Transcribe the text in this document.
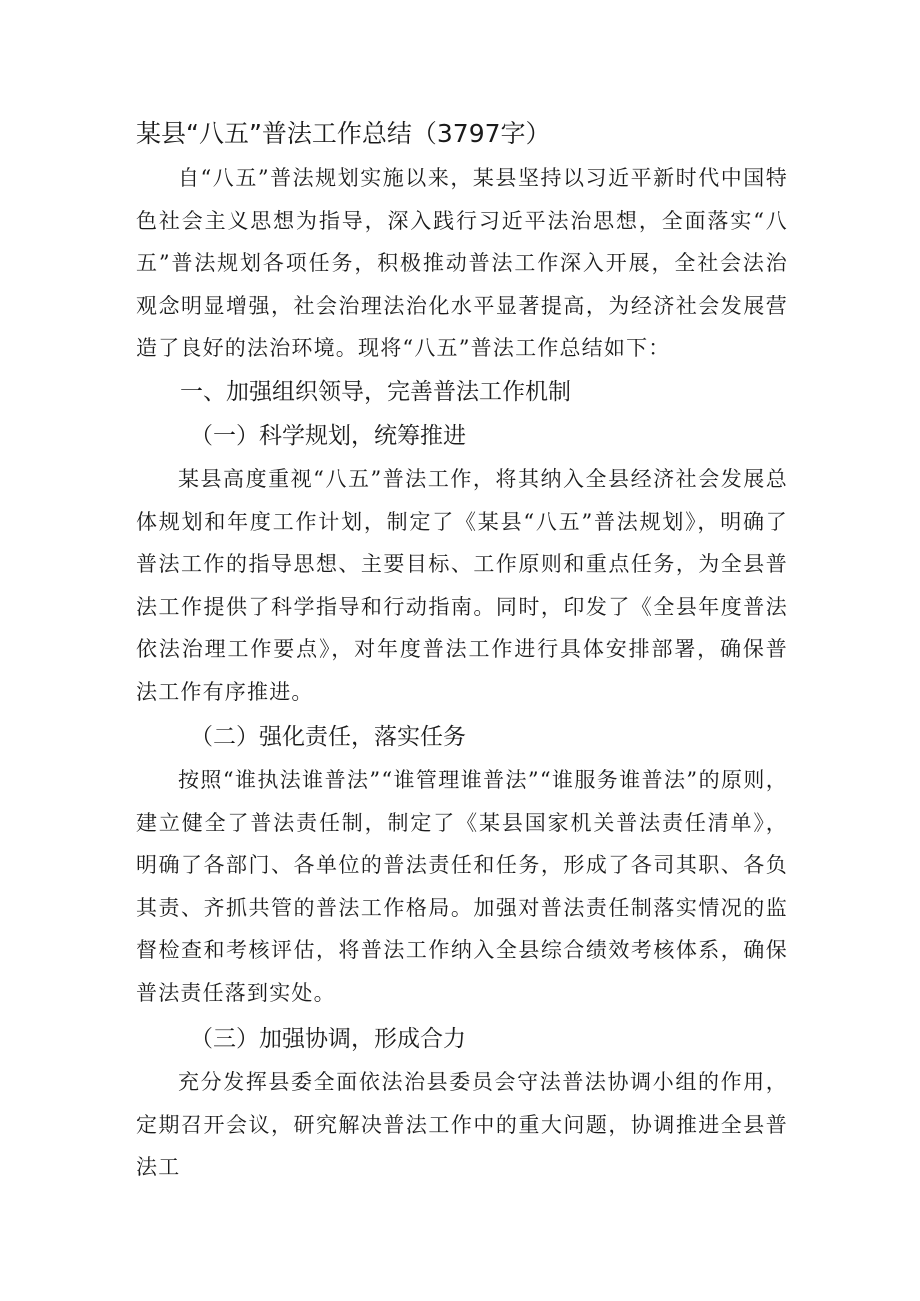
某县“八五”普法工作总结（3797字）

自“八五”普法规划实施以来，某县坚持以习近平新时代中国特色社会主义思想为指导，深入践行习近平法治思想，全面落实“八五”普法规划各项任务，积极推动普法工作深入开展，全社会法治观念明显增强，社会治理法治化水平显著提高，为经济社会发展营造了良好的法治环境。现将“八五”普法工作总结如下：

一、加强组织领导，完善普法工作机制
（一）科学规划，统筹推进

某县高度重视“八五”普法工作，将其纳入全县经济社会发展总体规划和年度工作计划，制定了《某县“八五”普法规划》，明确了普法工作的指导思想、主要目标、工作原则和重点任务，为全县普法工作提供了科学指导和行动指南。同时，印发了《全县年度普法依法治理工作要点》，对年度普法工作进行具体安排部署，确保普法工作有序推进。

（二）强化责任，落实任务

按照“谁执法谁普法”“谁管理谁普法”“谁服务谁普法”的原则，建立健全了普法责任制，制定了《某县国家机关普法责任清单》，明确了各部门、各单位的普法责任和任务，形成了各司其职、各负其责、齐抓共管的普法工作格局。加强对普法责任制落实情况的监督检查和考核评估，将普法工作纳入全县综合绩效考核体系，确保普法责任落到实处。

（三）加强协调，形成合力

充分发挥县委全面依法治县委员会守法普法协调小组的作用，定期召开会议，研究解决普法工作中的重大问题，协调推进全县普法工
